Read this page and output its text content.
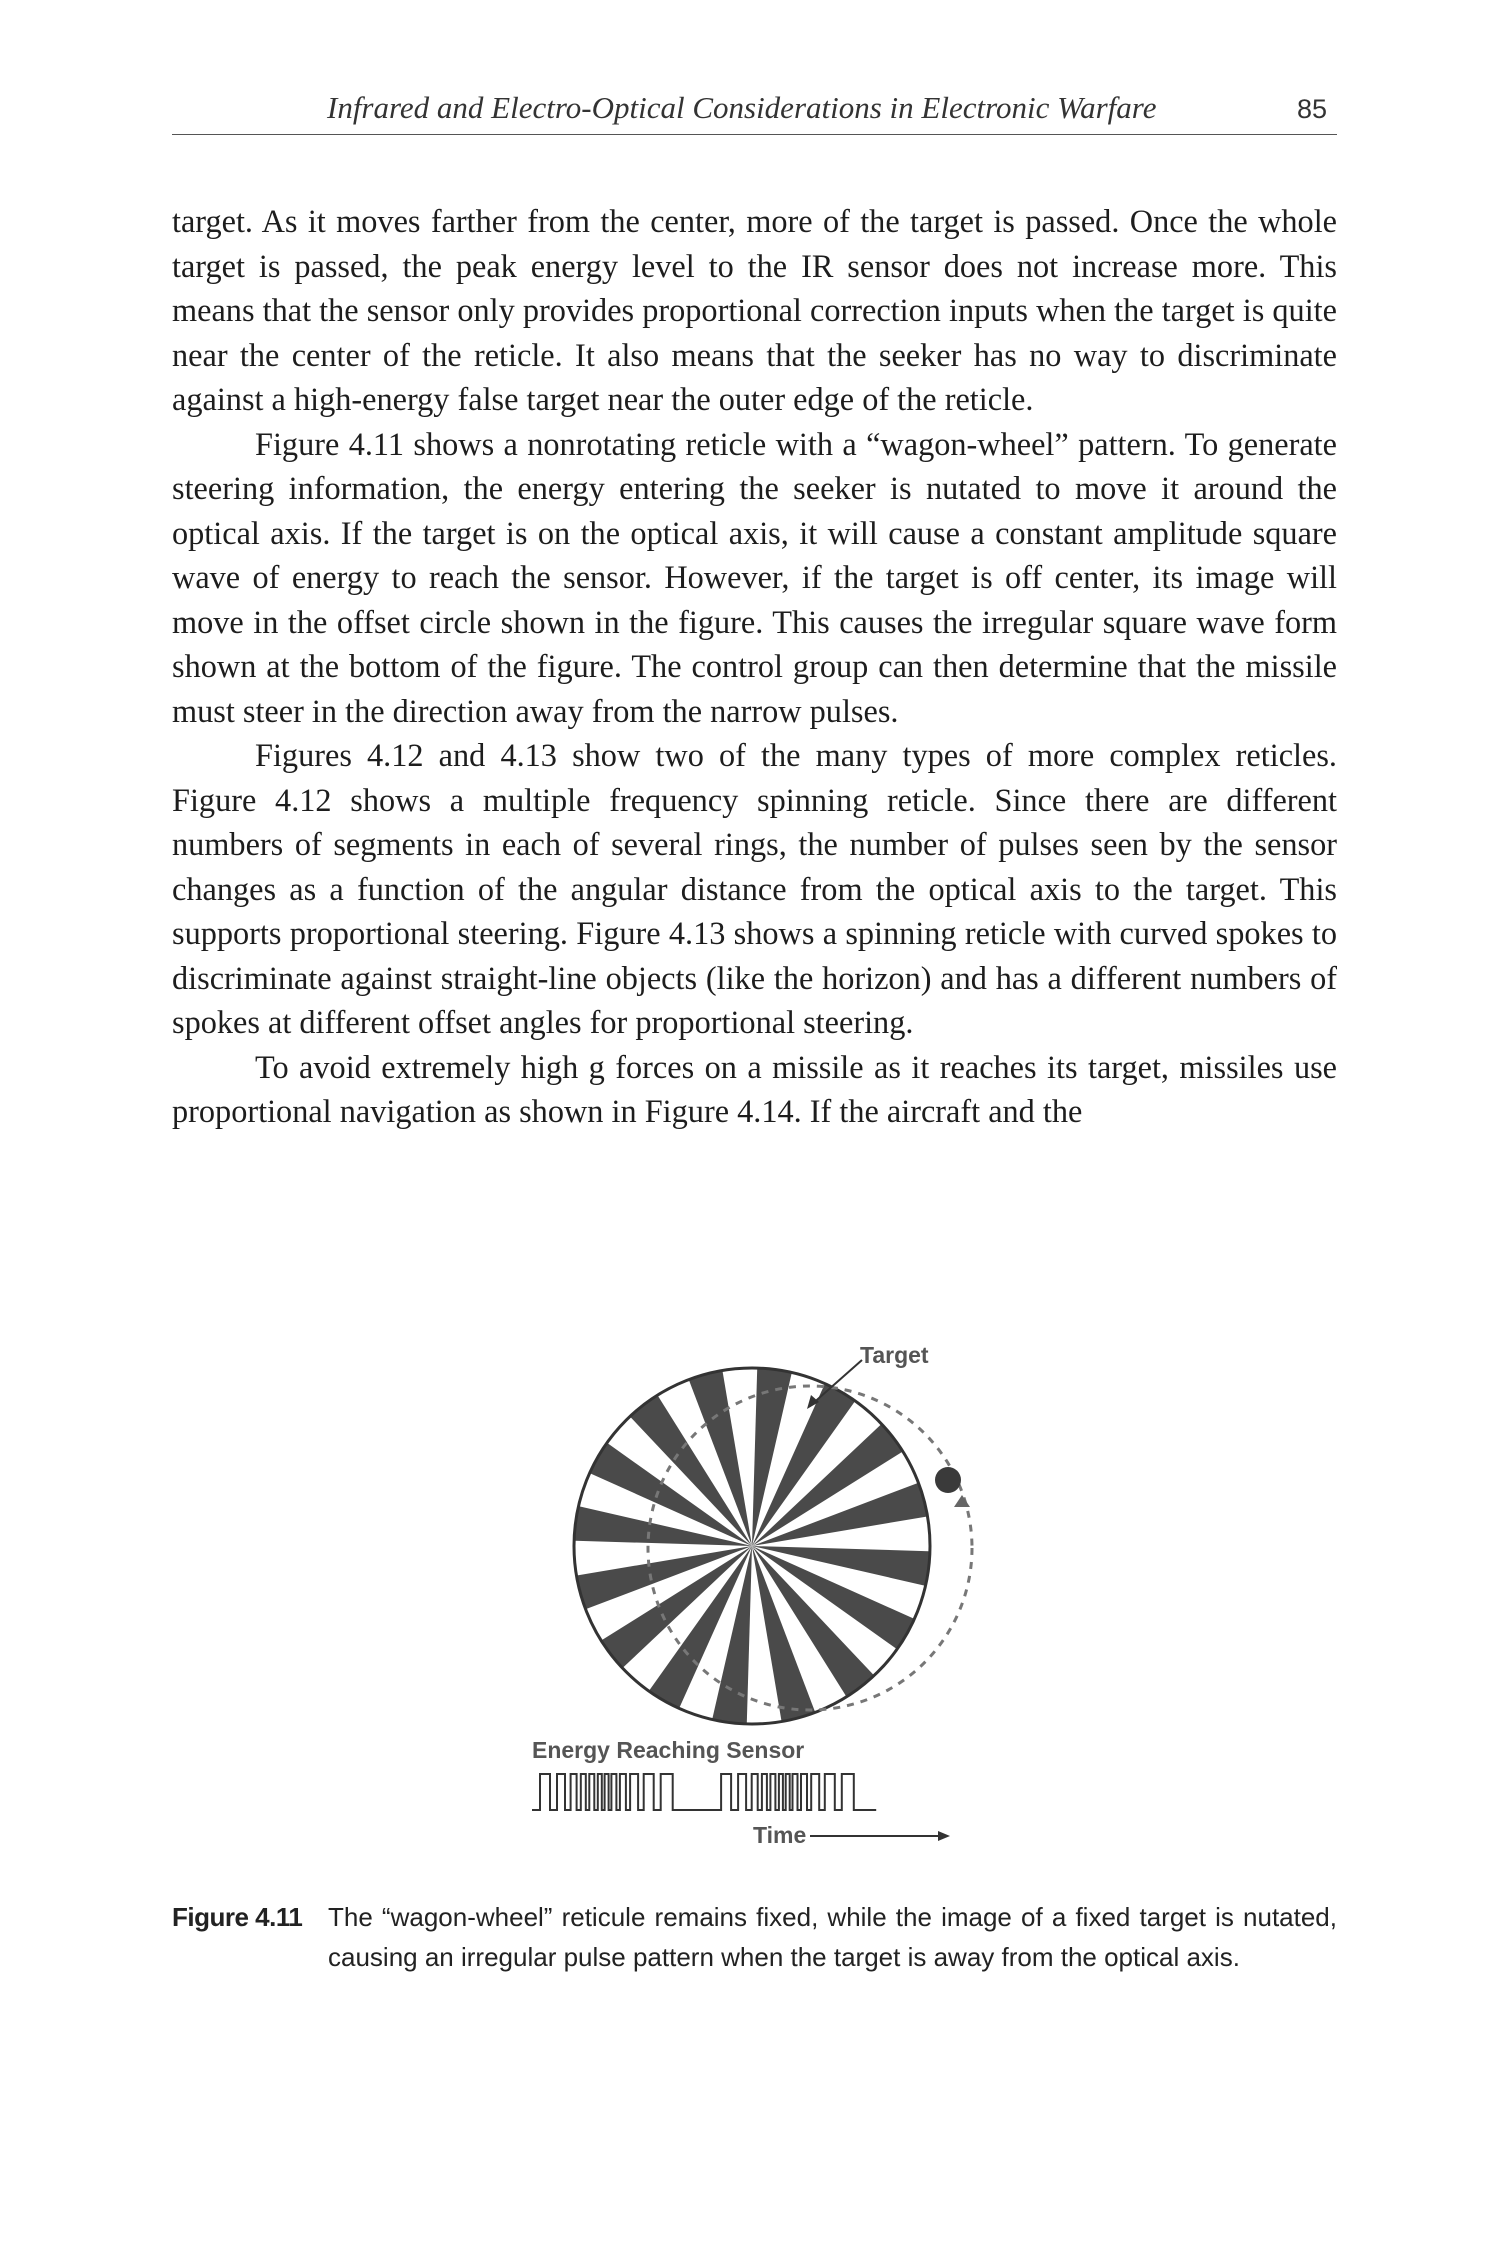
Infrared and Electro-Optical Considerations in Electronic Warfare	85

target. As it moves farther from the center, more of the target is passed. Once the whole target is passed, the peak energy level to the IR sensor does not increase more. This means that the sensor only provides proportional correction inputs when the target is quite near the center of the reticle. It also means that the seeker has no way to discriminate against a high-energy false target near the outer edge of the reticle.

Figure 4.11 shows a nonrotating reticle with a “wagon-wheel” pattern. To generate steering information, the energy entering the seeker is nutated to move it around the optical axis. If the target is on the optical axis, it will cause a constant amplitude square wave of energy to reach the sensor. However, if the target is off center, its image will move in the offset circle shown in the figure. This causes the irregular square wave form shown at the bottom of the figure. The control group can then determine that the missile must steer in the direction away from the narrow pulses.

Figures 4.12 and 4.13 show two of the many types of more complex reticles. Figure 4.12 shows a multiple frequency spinning reticle. Since there are different numbers of segments in each of several rings, the number of pulses seen by the sensor changes as a function of the angular distance from the optical axis to the target. This supports proportional steering. Figure 4.13 shows a spinning reticle with curved spokes to discriminate against straight-line objects (like the horizon) and has a different numbers of spokes at different offset angles for proportional steering.

To avoid extremely high g forces on a missile as it reaches its target, missiles use proportional navigation as shown in Figure 4.14. If the aircraft and the

Target
Energy Reaching Sensor
Time
Figure 4.11 The “wagon-wheel” reticule remains fixed, while the image of a fixed target is nutated, causing an irregular pulse pattern when the target is away from the optical axis.
